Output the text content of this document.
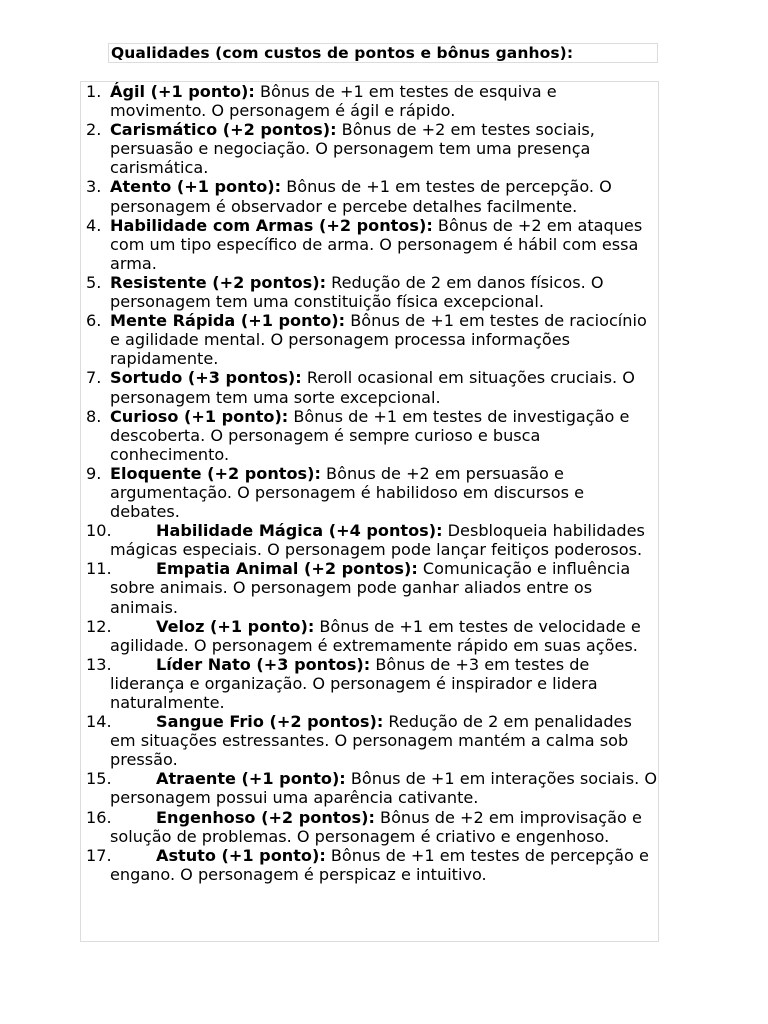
Qualidades (com custos de pontos e bônus ganhos):
1. Ágil (+1 ponto): Bônus de +1 em testes de esquiva e movimento. O personagem é ágil e rápido.
2. Carismático (+2 pontos): Bônus de +2 em testes sociais, persuasão e negociação. O personagem tem uma presença carismática.
3. Atento (+1 ponto): Bônus de +1 em testes de percepção. O personagem é observador e percebe detalhes facilmente.
4. Habilidade com Armas (+2 pontos): Bônus de +2 em ataques com um tipo específico de arma. O personagem é hábil com essa arma.
5. Resistente (+2 pontos): Redução de 2 em danos físicos. O personagem tem uma constituição física excepcional.
6. Mente Rápida (+1 ponto): Bônus de +1 em testes de raciocínio e agilidade mental. O personagem processa informações rapidamente.
7. Sortudo (+3 pontos): Reroll ocasional em situações cruciais. O personagem tem uma sorte excepcional.
8. Curioso (+1 ponto): Bônus de +1 em testes de investigação e descoberta. O personagem é sempre curioso e busca conhecimento.
9. Eloquente (+2 pontos): Bônus de +2 em persuasão e argumentação. O personagem é habilidoso em discursos e debates.
10.	Habilidade Mágica (+4 pontos): Desbloqueia habilidades mágicas especiais. O personagem pode lançar feitiços poderosos.
11.	Empatia Animal (+2 pontos): Comunicação e influência sobre animais. O personagem pode ganhar aliados entre os animais.
12.	Veloz (+1 ponto): Bônus de +1 em testes de velocidade e agilidade. O personagem é extremamente rápido em suas ações.
13.	Líder Nato (+3 pontos): Bônus de +3 em testes de liderança e organização. O personagem é inspirador e lidera naturalmente.
14.	Sangue Frio (+2 pontos): Redução de 2 em penalidades em situações estressantes. O personagem mantém a calma sob pressão.
15.	Atraente (+1 ponto): Bônus de +1 em interações sociais. O personagem possui uma aparência cativante.
16.	Engenhoso (+2 pontos): Bônus de +2 em improvisação e solução de problemas. O personagem é criativo e engenhoso.
17.	Astuto (+1 ponto): Bônus de +1 em testes de percepção e engano. O personagem é perspicaz e intuitivo.
